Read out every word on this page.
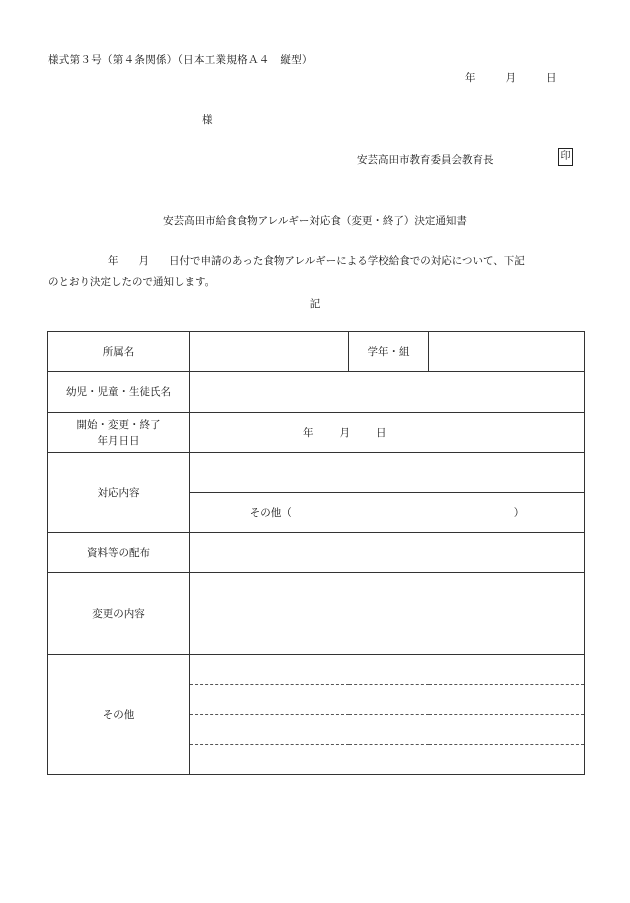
様式第３号（第４条関係）（日本工業規格Ａ４　縦型）
年	月	日
様
安芸高田市教育委員会教育長	印
安芸高田市給食食物アレルギー対応食（変更・終了）決定通知書
年 月 日付で申請のあった食物アレルギーによる学校給食での対応について、下記
のとおり決定したので通知します。
記
所属名		学年・組	
幼児・児童・生徒氏名			

開始・変更・終了
年月日日	年 月 日		

対応内容			
	その他（ ）		
資料等の配布			
変更の内容			
その他			
